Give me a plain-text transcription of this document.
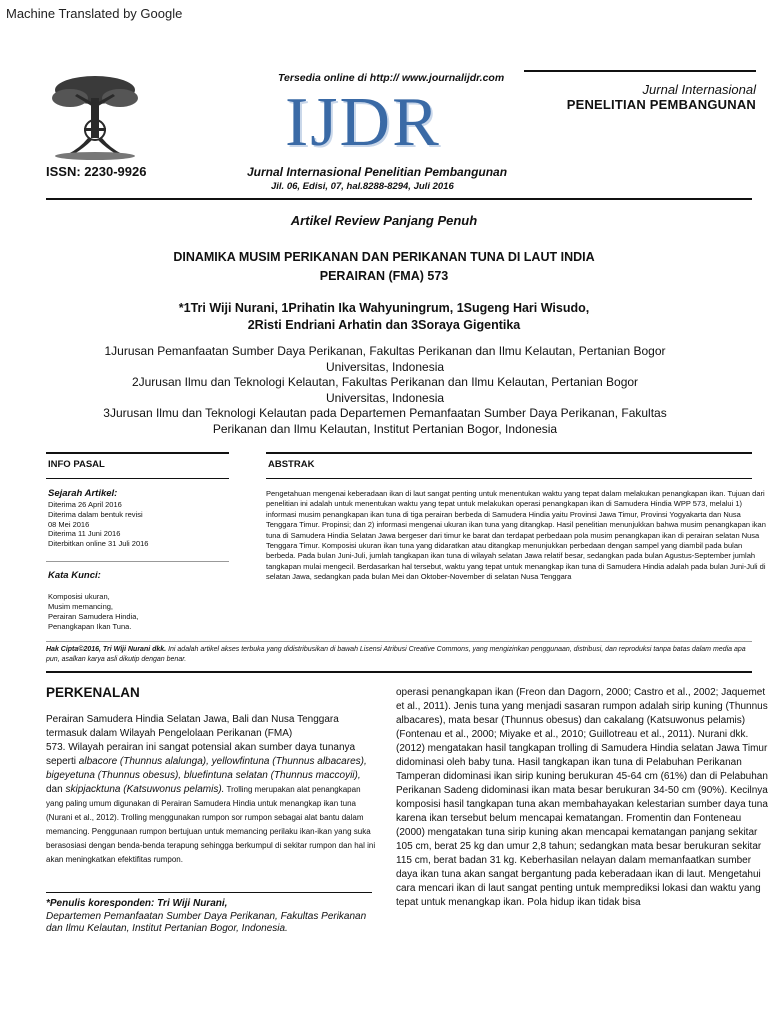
Machine Translated by Google
Tersedia online di http:// www.journalijdr.com
IJDR	Jurnal Internasional
PENELITIAN PEMBANGUNAN
ISSN: 2230-9926	Jurnal Internasional Penelitian Pembangunan
Jil. 06, Edisi, 07, hal.8288-8294, Juli 2016
Artikel Review Panjang Penuh
DINAMIKA MUSIM PERIKANAN DAN PERIKANAN TUNA DI LAUT INDIA
PERAIRAN (FMA) 573
*1Tri Wiji Nurani, 1Prihatin Ika Wahyuningrum, 1Sugeng Hari Wisudo,
2Risti Endriani Arhatin dan 3Soraya Gigentika

1Jurusan Pemanfaatan Sumber Daya Perikanan, Fakultas Perikanan dan Ilmu Kelautan, Pertanian Bogor

Universitas, Indonesia

2Jurusan Ilmu dan Teknologi Kelautan, Fakultas Perikanan dan Ilmu Kelautan, Pertanian Bogor

Universitas, Indonesia

3Jurusan Ilmu dan Teknologi Kelautan pada Departemen Pemanfaatan Sumber Daya Perikanan, Fakultas

Perikanan dan Ilmu Kelautan, Institut Pertanian Bogor, Indonesia

INFO PASAL	ABSTRAK
Sejarah Artikel:
Diterima 26 April 2016
Diterima dalam bentuk revisi
08 Mei 2016
Diterima 11 Juni 2016
Diterbitkan online 31 Juli 2016
Kata Kunci:
Komposisi ukuran,
Musim memancing,
Perairan Samudera Hindia,
Penangkapan Ikan Tuna.
Pengetahuan mengenai keberadaan ikan di laut sangat penting untuk menentukan waktu yang tepat dalam melakukan penangkapan ikan. Tujuan dari penelitian ini adalah untuk menentukan waktu yang tepat untuk melakukan operasi penangkapan ikan di Samudera Hindia WPP 573, melalui 1) informasi musim penangkapan ikan tuna di tiga perairan berbeda di Samudera Hindia yaitu Provinsi Jawa Timur, Provinsi Yogyakarta dan Nusa Tenggara Timur. Propinsi; dan 2) informasi mengenai ukuran ikan tuna yang ditangkap. Hasil penelitian menunjukkan bahwa musim penangkapan ikan tuna di Samudera Hindia Selatan Jawa bergeser dari timur ke barat dan terdapat perbedaan pola musim penangkapan ikan di perairan selatan Nusa Tenggara Timur. Komposisi ukuran ikan tuna yang didaratkan atau ditangkap menunjukkan perbedaan dengan sampel yang diambil pada bulan berbeda. Pada bulan Juni-Juli, jumlah tangkapan ikan tuna di wilayah selatan Jawa relatif besar, sedangkan pada bulan Agustus-September jumlah tangkapan mulai mengecil. Berdasarkan hal tersebut, waktu yang tepat untuk menangkap ikan tuna di Samudera Hindia adalah pada bulan Juni-Juli di selatan Jawa, sedangkan pada bulan Mei dan Oktober-November di selatan Nusa Tenggara
Hak Cipta©2016, Tri Wiji Nurani dkk. Ini adalah artikel akses terbuka yang didistribusikan di bawah Lisensi Atribusi Creative Commons, yang mengizinkan penggunaan, distribusi, dan reproduksi tanpa batas dalam media apa pun, asalkan karya asli dikutip dengan benar.
PERKENALAN

Perairan Samudera Hindia Selatan Jawa, Bali dan Nusa Tenggara termasuk dalam Wilayah Pengelolaan Perikanan (FMA)

573. Wilayah perairan ini sangat potensial akan sumber daya tunanya seperti albacore (Thunnus alalunga), yellowfintuna (Thunnus albacares), bigeyetuna (Thunnus obesus), bluefintuna selatan (Thunnus maccoyii), dan skipjacktuna (Katsuwonus pelamis). Trolling merupakan alat penangkapan yang paling umum digunakan di Perairan Samudera Hindia untuk menangkap ikan tuna (Nurani et al., 2012). Trolling menggunakan rumpon sor rumpon sebagai alat bantu dalam memancing. Penggunaan rumpon bertujuan untuk memancing perilaku ikan-ikan yang suka berasosiasi dengan benda-benda terapung sehingga berkumpul di sekitar rumpon dan hal ini akan meningkatkan efektifitas rumpon.

*Penulis koresponden: Tri Wiji Nurani,
Departemen Pemanfaatan Sumber Daya Perikanan, Fakultas Perikanan dan Ilmu Kelautan, Institut Pertanian Bogor, Indonesia.

operasi penangkapan ikan (Freon dan Dagorn, 2000; Castro et al., 2002; Jaquemet et al., 2011). Jenis tuna yang menjadi sasaran rumpon adalah sirip kuning (Thunnus albacares), mata besar (Thunnus obesus) dan cakalang (Katsuwonus pelamis) (Fontenau et al., 2000; Miyake et al., 2010; Guillotreau et al., 2011). Nurani dkk. (2012) mengatakan hasil tangkapan trolling di Samudera Hindia selatan Jawa Timur didominasi oleh baby tuna. Hasil tangkapan ikan tuna di Pelabuhan Perikanan Tamperan didominasi ikan sirip kuning berukuran 45-64 cm (61%) dan di Pelabuhan Perikanan Sadeng didominasi ikan mata besar berukuran 34-50 cm (90%). Kecilnya komposisi hasil tangkapan tuna akan membahayakan kelestarian sumber daya tuna karena ikan tersebut belum mencapai kematangan. Fromentin dan Fonteneau (2000) mengatakan tuna sirip kuning akan mencapai kematangan panjang sekitar 105 cm, berat 25 kg dan umur 2,8 tahun; sedangkan mata besar berukuran sekitar 115 cm, berat badan 31 kg. Keberhasilan nelayan dalam memanfaatkan sumber daya ikan tuna akan sangat bergantung pada keberadaan ikan di laut. Mengetahui cara mencari ikan di laut sangat penting untuk memprediksi lokasi dan waktu yang tepat untuk menangkap ikan. Pola hidup ikan tidak bisa
